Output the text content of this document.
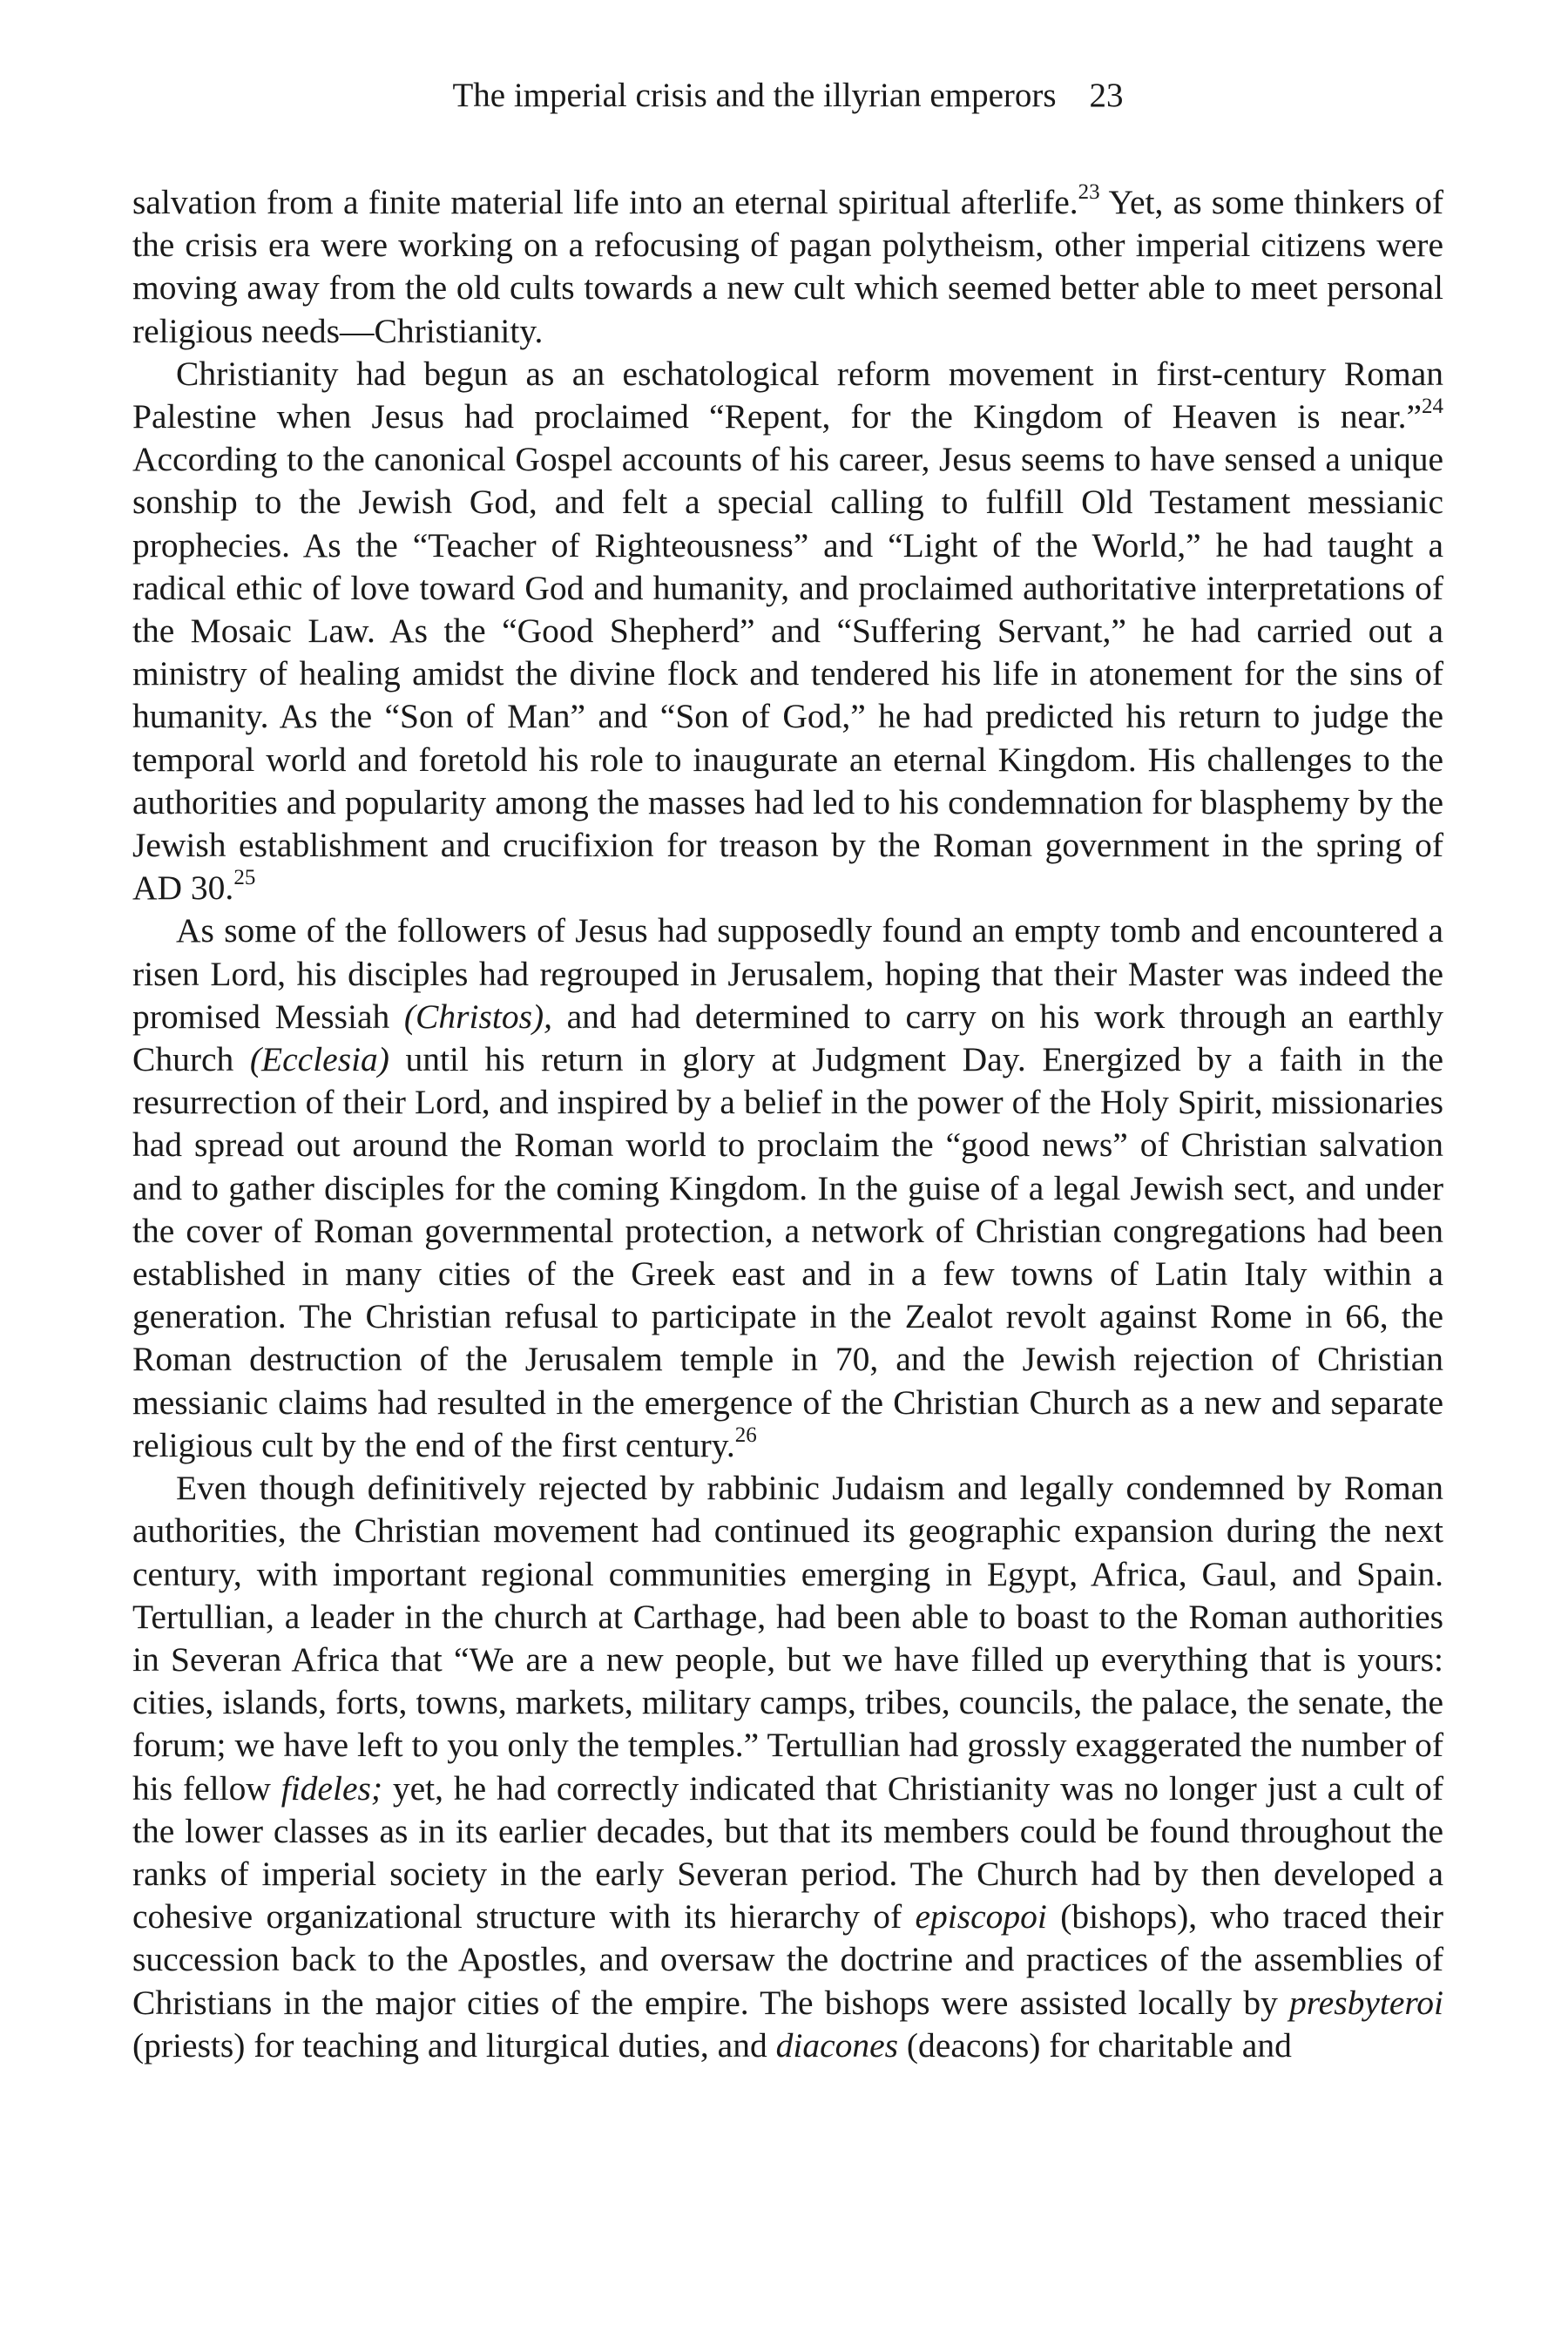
The imperial crisis and the illyrian emperors 23

salvation from a finite material life into an eternal spiritual afterlife.$^{23}$ Yet, as some thinkers of the crisis era were working on a refocusing of pagan polytheism, other imperial citizens were moving away from the old cults towards a new cult which seemed better able to meet personal religious needs—Christianity.

Christianity had begun as an eschatological reform movement in first-century Roman Palestine when Jesus had proclaimed “Repent, for the Kingdom of Heaven is near.”$^{24}$ According to the canonical Gospel accounts of his career, Jesus seems to have sensed a unique sonship to the Jewish God, and felt a special calling to fulfill Old Testament messianic prophecies. As the “Teacher of Righteousness” and “Light of the World,” he had taught a radical ethic of love toward God and humanity, and proclaimed authoritative interpretations of the Mosaic Law. As the “Good Shepherd” and “Suffering Servant,” he had carried out a ministry of healing amidst the divine flock and tendered his life in atonement for the sins of humanity. As the “Son of Man” and “Son of God,” he had predicted his return to judge the temporal world and foretold his role to inaugurate an eternal Kingdom. His challenges to the authorities and popularity among the masses had led to his condemnation for blasphemy by the Jewish establishment and crucifixion for treason by the Roman government in the spring of AD 30.25

As some of the followers of Jesus had supposedly found an empty tomb and encountered a risen Lord, his disciples had regrouped in Jerusalem, hoping that their Master was indeed the promised Messiah (Christos), and had determined to carry on his work through an earthly Church (Ecclesia) until his return in glory at Judgment Day. Energized by a faith in the resurrection of their Lord, and inspired by a belief in the power of the Holy Spirit, missionaries had spread out around the Roman world to proclaim the “good news” of Christian salvation and to gather disciples for the coming Kingdom. In the guise of a legal Jewish sect, and under the cover of Roman governmental protection, a network of Christian congregations had been established in many cities of the Greek east and in a few towns of Latin Italy within a generation. The Christian refusal to participate in the Zealot revolt against Rome in 66, the Roman destruction of the Jerusalem temple in 70, and the Jewish rejection of Christian messianic claims had resulted in the emergence of the Christian Church as a new and separate religious cult by the end of the first century.$^{26}$

Even though definitively rejected by rabbinic Judaism and legally condemned by Roman authorities, the Christian movement had continued its geographic expansion during the next century, with important regional communities emerging in Egypt, Africa, Gaul, and Spain. Tertullian, a leader in the church at Carthage, had been able to boast to the Roman authorities in Severan Africa that “We are a new people, but we have filled up everything that is yours: cities, islands, forts, towns, markets, military camps, tribes, councils, the palace, the senate, the forum; we have left to you only the temples.” Tertullian had grossly exaggerated the number of his fellow fideles; yet, he had correctly indicated that Christianity was no longer just a cult of the lower classes as in its earlier decades, but that its members could be found throughout the ranks of imperial society in the early Severan period. The Church had by then developed a cohesive organizational structure with its hierarchy of episcopoi (bishops), who traced their succession back to the Apostles, and oversaw the doctrine and practices of the assemblies of Christians in the major cities of the empire. The bishops were assisted locally by presbyteroi (priests) for teaching and liturgical duties, and diacones (deacons) for charitable and
